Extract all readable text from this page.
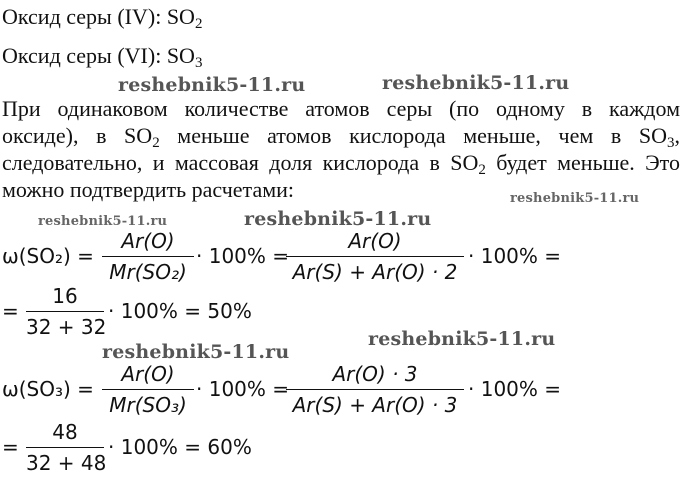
Оксид серы (IV): $SO_2$
Оксид серы (VI): $SO_3$
При одинаковом количестве атомов серы (по одному в каждом
оксиде), в $SO_2$ меньше атомов кислорода меньше, чем в $SO_3$,
следовательно, и массовая доля кислорода в $SO_2$ будет меньше. Это
можно подтвердить расчетами:
reshebnik5-11.ru	reshebnik5-11.ru
reshebnik5-11.ru
reshebnik5-11.ru	reshebnik5-11.ru
reshebnik5-11.ru
reshebnik5-11.ru
ω(SO₂) =
Ar(O)
Mr(SO₂)
· 100% =
Ar(O)
Ar(S) + Ar(O) · 2
· 100% =
=
16
32 + 32
· 100% = 50%
ω(SO₃) =
Ar(O)
Mr(SO₃)
· 100% =
Ar(O) · 3
Ar(S) + Ar(O) · 3
· 100% =
=
48
32 + 48
· 100% = 60%
